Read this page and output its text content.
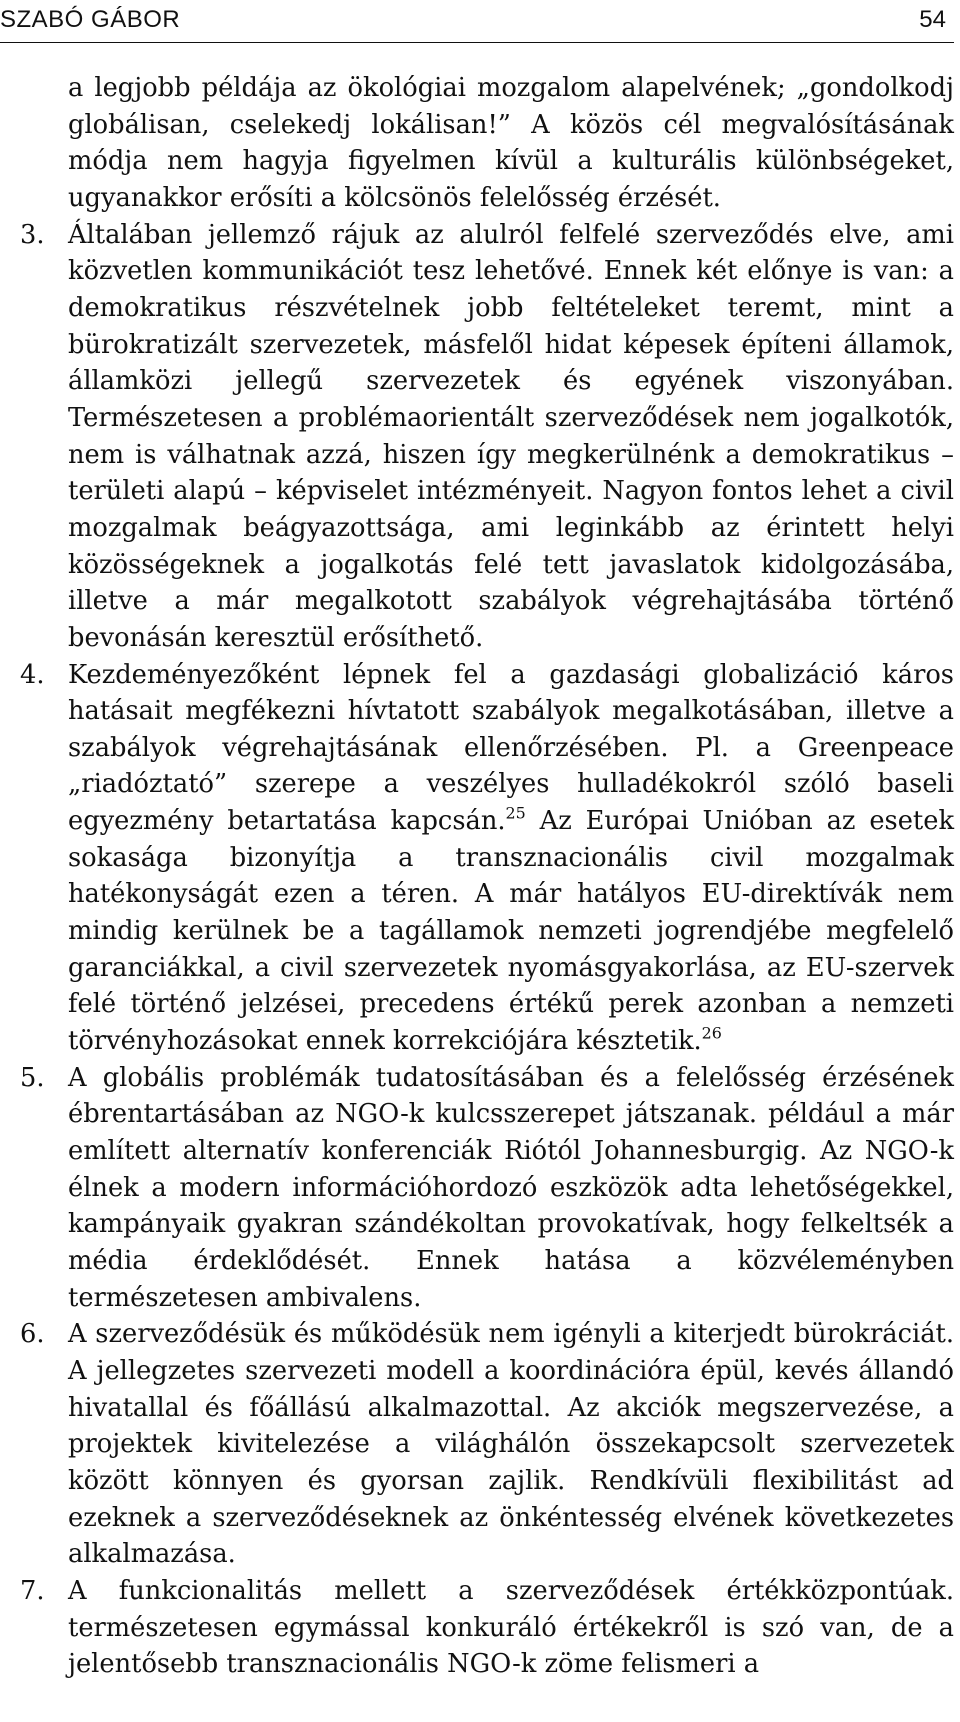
SZABÓ GÁBOR	54

a legjobb példája az ökológiai mozgalom alapelvének; „gondolkodj globálisan, cselekedj lokálisan!” A közös cél megvalósításának módja nem hagyja figyelmen kívül a kulturális különbségeket, ugyanakkor erősíti a kölcsönös felelősség érzését.

3. Általában jellemző rájuk az alulról felfelé szerveződés elve, ami közvetlen kommunikációt tesz lehetővé. Ennek két előnye is van: a demokratikus részvételnek jobb feltételeket teremt, mint a bürokratizált szervezetek, másfelől hidat képesek építeni államok, államközi jellegű szervezetek és egyének viszonyában. Természetesen a problémaorientált szerveződések nem jogalkotók, nem is válhatnak azzá, hiszen így megkerülnénk a demokratikus – területi alapú – képviselet intézményeit. Nagyon fontos lehet a civil mozgalmak beágyazottsága, ami leginkább az érintett helyi közösségeknek a jogalkotás felé tett javaslatok kidolgozásába, illetve a már megalkotott szabályok végrehajtásába történő bevonásán keresztül erősíthető.
4. Kezdeményezőként lépnek fel a gazdasági globalizáció káros hatásait megfékezni hívtatott szabályok megalkotásában, illetve a szabályok végrehajtásának ellenőrzésében. Pl. a Greenpeace „riadóztató” szerepe a veszélyes hulladékokról szóló baseli egyezmény betartatása kapcsán.$^{25}$ Az Európai Unióban az esetek sokasága bizonyítja a transznacionális civil mozgalmak hatékonyságát ezen a téren. A már hatályos EU-direktívák nem mindig kerülnek be a tagállamok nemzeti jogrendjébe megfelelő garanciákkal, a civil szervezetek nyomásgyakorlása, az EU-szervek felé történő jelzései, precedens értékű perek azonban a nemzeti törvényhozásokat ennek korrekciójára késztetik.$^{26}$
5. A globális problémák tudatosításában és a felelősség érzésének ébrentartásában az NGO-k kulcsszerepet játszanak. például a már említett alternatív konferenciák Riótól Johannesburgig. Az NGO-k élnek a modern információhordozó eszközök adta lehetőségekkel, kampányaik gyakran szándékoltan provokatívak, hogy felkeltsék a média érdeklődését. Ennek hatása a közvéleményben természetesen ambivalens.
6. A szerveződésük és működésük nem igényli a kiterjedt bürokráciát. A jellegzetes szervezeti modell a koordinációra épül, kevés állandó hivatallal és főállású alkalmazottal. Az akciók megszervezése, a projektek kivitelezése a világhálón összekapcsolt szervezetek között könnyen és gyorsan zajlik. Rendkívüli flexibilitást ad ezeknek a szerveződéseknek az önkéntesség elvének következetes alkalmazása.
7. A funkcionalitás mellett a szerveződések értékközpontúak. természetesen egymással konkuráló értékekről is szó van, de a jelentősebb transznacionális NGO-k zöme felismeri a
